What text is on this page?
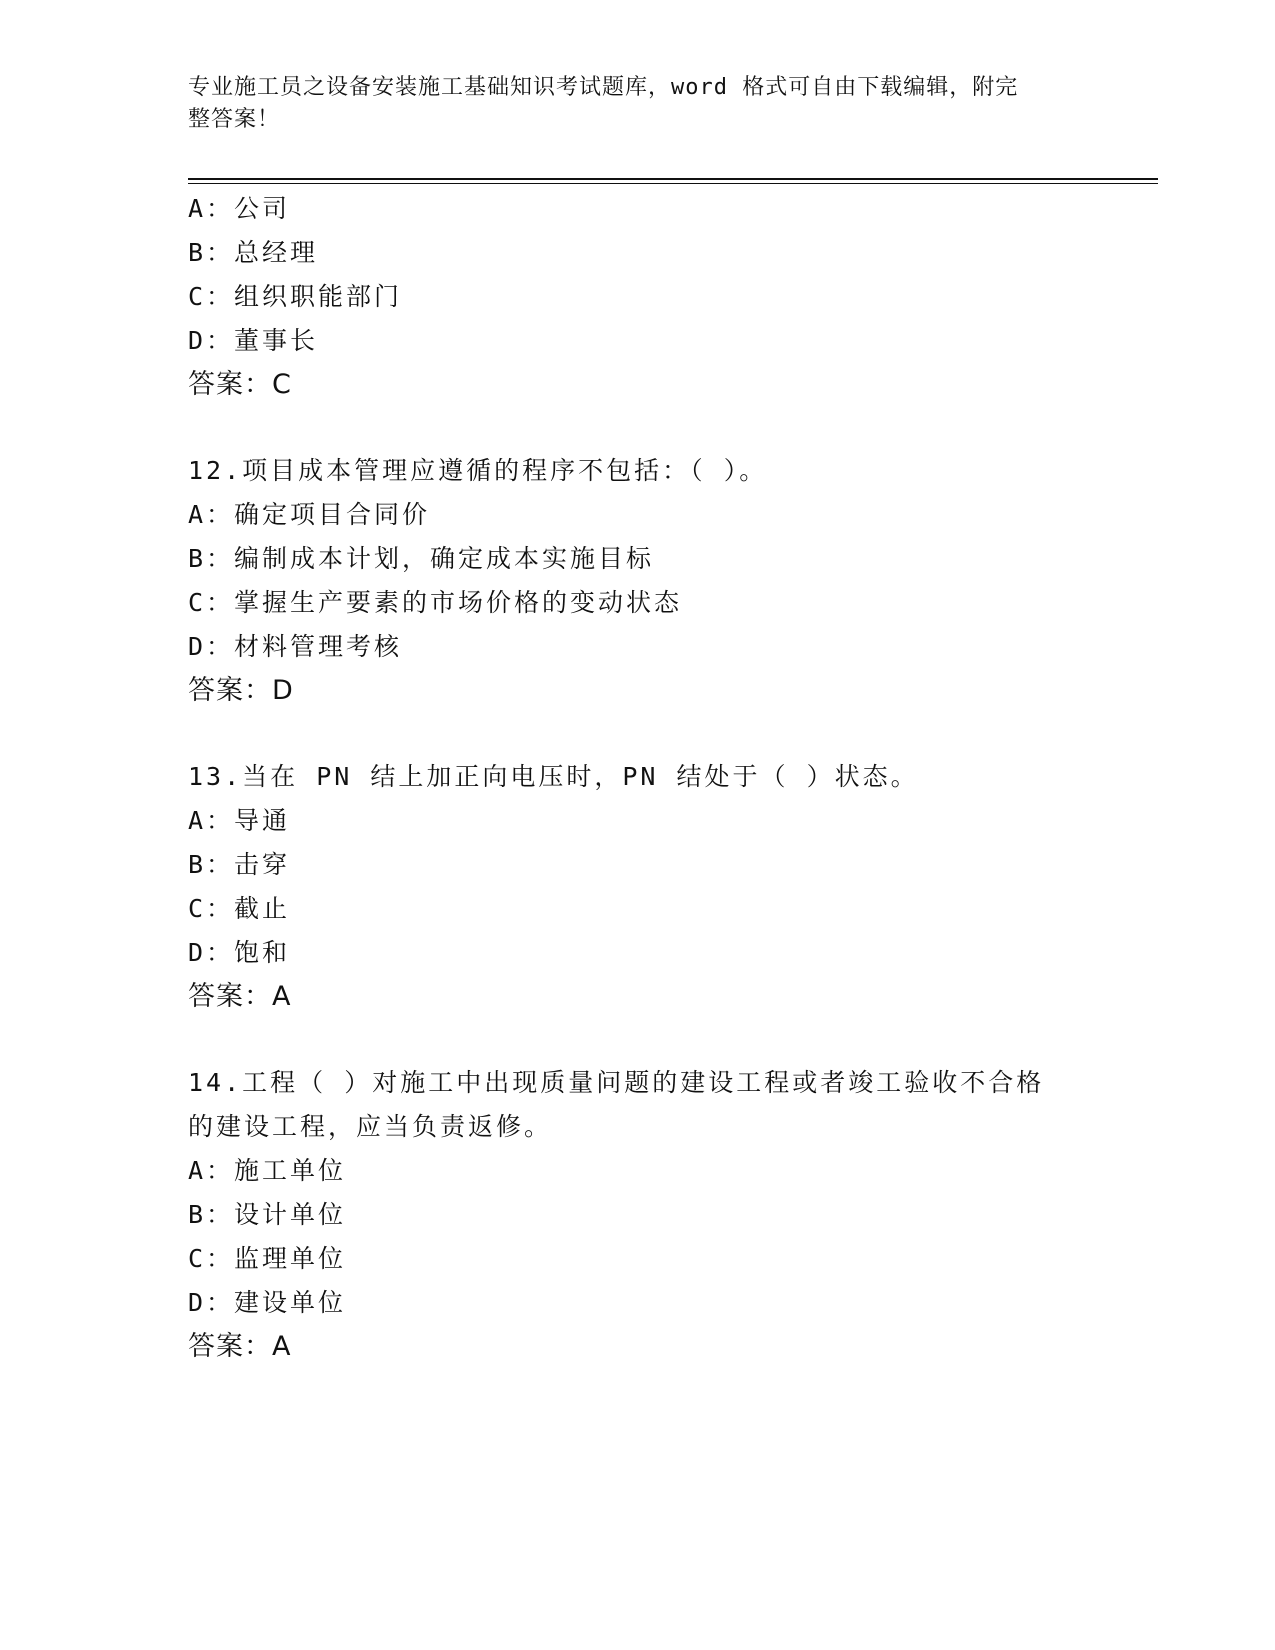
专业施工员之设备安装施工基础知识考试题库，word 格式可自由下载编辑，附完
整答案！
A：公司
B：总经理
C：组织职能部门
D：董事长
答案：C
12.项目成本管理应遵循的程序不包括：（ ）。
A：确定项目合同价
B：编制成本计划，确定成本实施目标
C：掌握生产要素的市场价格的变动状态
D：材料管理考核
答案：D
13.当在 PN 结上加正向电压时，PN 结处于（ ）状态。
A：导通
B：击穿
C：截止
D：饱和
答案：A
14.工程（ ）对施工中出现质量问题的建设工程或者竣工验收不合格
的建设工程，应当负责返修。
A：施工单位
B：设计单位
C：监理单位
D：建设单位
答案：A
